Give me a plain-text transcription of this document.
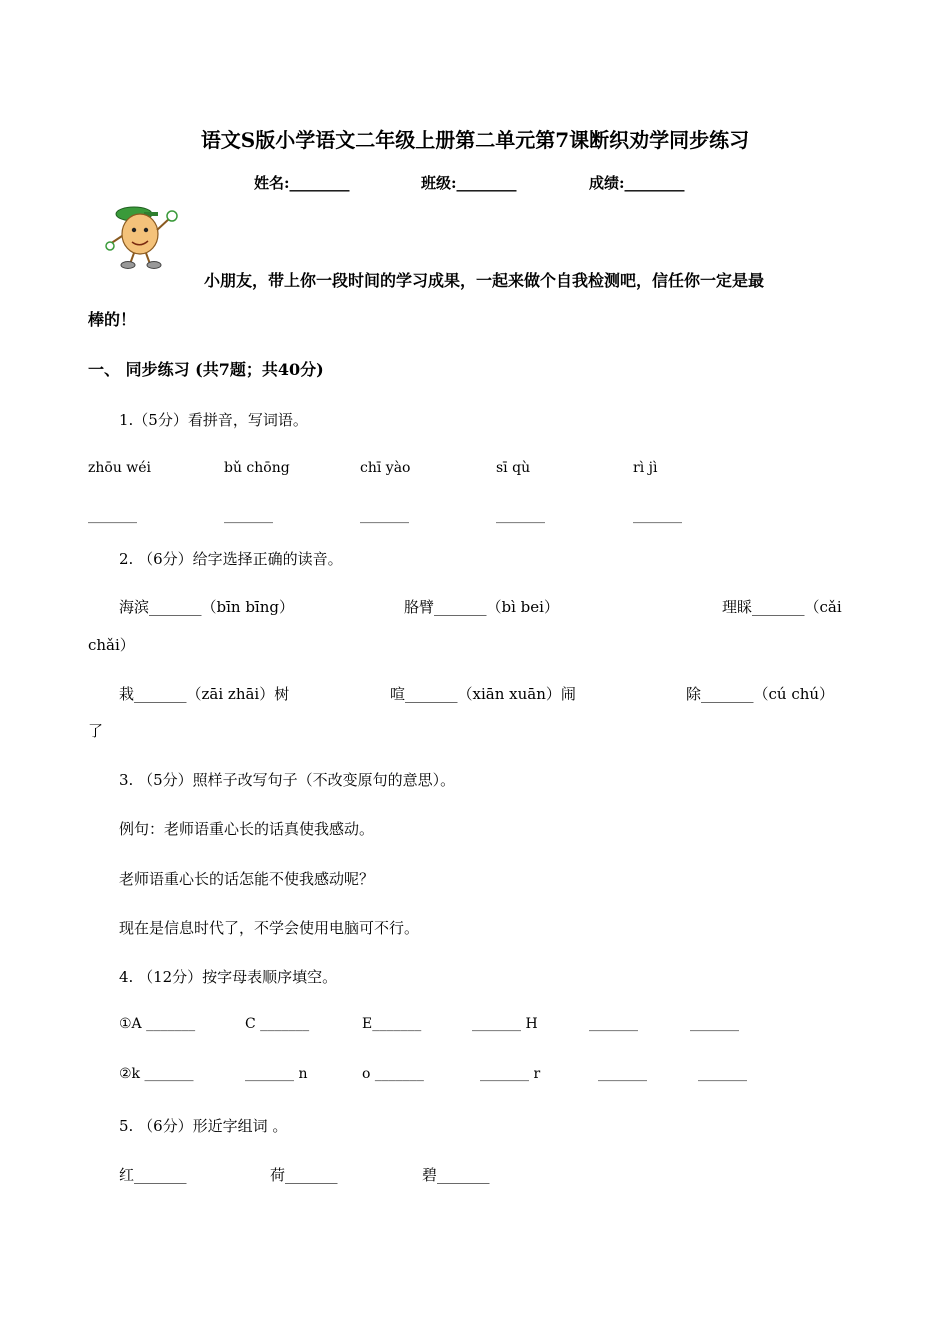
语文S版小学语文二年级上册第二单元第7课断织劝学同步练习
姓名:________	班级:________	成绩:________
小朋友，带上你一段时间的学习成果，一起来做个自我检测吧，信任你一定是最
棒的！
一、 同步练习 (共7题；共40分)
1.（5分）看拼音，写词语。
zhōu wéi	bǔ chōng	chī yào	sī qù	rì jì
_______	_______	_______	_______	_______
2. （6分）给字选择正确的读音。
海滨_______（bīn bīng）	胳臂_______（bì bei）	理睬_______（cǎi
chǎi）
栽_______（zāi zhāi）树	喧_______（xiān xuān）闹	除_______（cú chú）
了
3. （5分）照样子改写句子（不改变原句的意思）。
例句：老师语重心长的话真使我感动。
老师语重心长的话怎能不使我感动呢？
现在是信息时代了，不学会使用电脑可不行。
4. （12分）按字母表顺序填空。
①A _______	C _______	E_______	_______ H	_______	_______
②k _______	_______ n	o _______	_______ r	_______	_______
5. （6分）形近字组词 。
红_______	荷_______	碧_______
